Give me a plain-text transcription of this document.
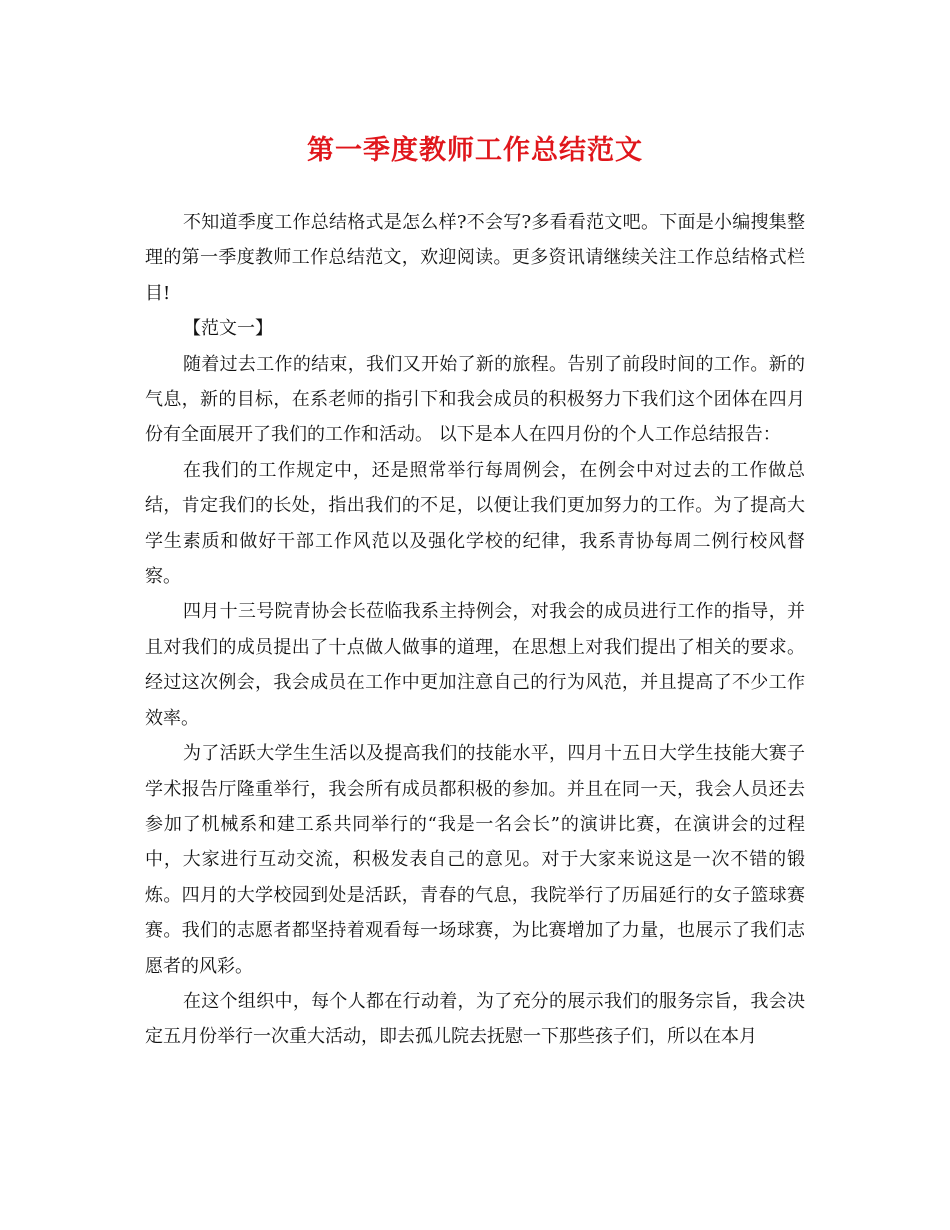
第一季度教师工作总结范文

不知道季度工作总结格式是怎么样?不会写?多看看范文吧。下面是小编搜集整理的第一季度教师工作总结范文，欢迎阅读。更多资讯请继续关注工作总结格式栏目!

【范文一】

随着过去工作的结束，我们又开始了新的旅程。告别了前段时间的工作。新的气息，新的目标，在系老师的指引下和我会成员的积极努力下我们这个团体在四月份有全面展开了我们的工作和活动。 以下是本人在四月份的个人工作总结报告：

在我们的工作规定中，还是照常举行每周例会，在例会中对过去的工作做总结，肯定我们的长处，指出我们的不足，以便让我们更加努力的工作。为了提高大学生素质和做好干部工作风范以及强化学校的纪律，我系青协每周二例行校风督察。

四月十三号院青协会长莅临我系主持例会，对我会的成员进行工作的指导，并且对我们的成员提出了十点做人做事的道理，在思想上对我们提出了相关的要求。经过这次例会，我会成员在工作中更加注意自己的行为风范，并且提高了不少工作效率。

为了活跃大学生生活以及提高我们的技能水平，四月十五日大学生技能大赛子学术报告厅隆重举行，我会所有成员都积极的参加。并且在同一天，我会人员还去参加了机械系和建工系共同举行的“我是一名会长”的演讲比赛，在演讲会的过程中，大家进行互动交流，积极发表自己的意见。对于大家来说这是一次不错的锻炼。四月的大学校园到处是活跃，青春的气息，我院举行了历届延行的女子篮球赛赛。我们的志愿者都坚持着观看每一场球赛，为比赛增加了力量，也展示了我们志愿者的风彩。

在这个组织中，每个人都在行动着，为了充分的展示我们的服务宗旨，我会决定五月份举行一次重大活动，即去孤儿院去抚慰一下那些孩子们，所以在本月
